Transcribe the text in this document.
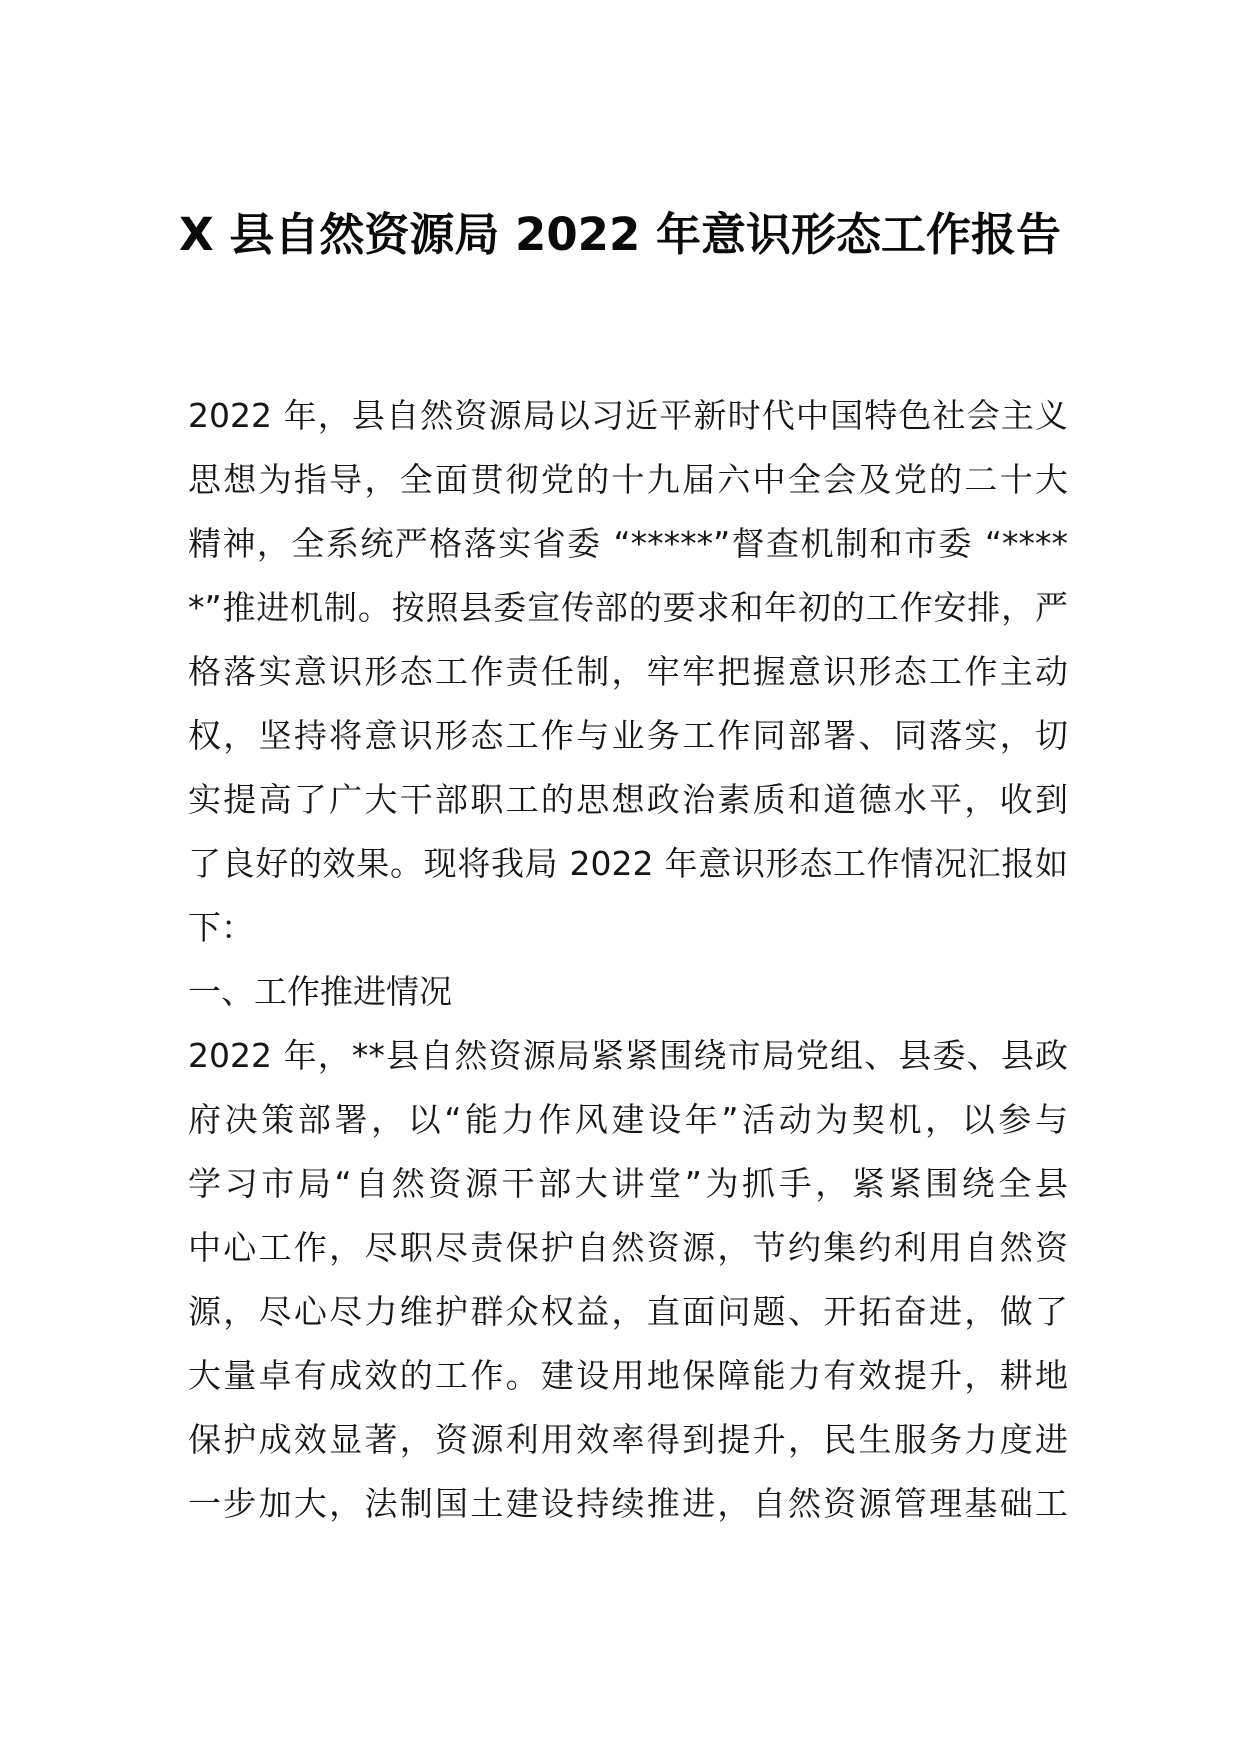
X 县自然资源局 2022 年意识形态工作报告
2022 年，县自然资源局以习近平新时代中国特色社会主义
思想为指导，全面贯彻党的十九届六中全会及党的二十大
精神，全系统严格落实省委 “*****”督查机制和市委 “****
*”推进机制。按照县委宣传部的要求和年初的工作安排，严
格落实意识形态工作责任制，牢牢把握意识形态工作主动
权，坚持将意识形态工作与业务工作同部署、同落实，切
实提高了广大干部职工的思想政治素质和道德水平，收到
了良好的效果。现将我局 2022 年意识形态工作情况汇报如
下：
一、工作推进情况
2022 年，**县自然资源局紧紧围绕市局党组、县委、县政
府决策部署，以“能力作风建设年”活动为契机，以参与
学习市局“自然资源干部大讲堂”为抓手，紧紧围绕全县
中心工作，尽职尽责保护自然资源，节约集约利用自然资
源，尽心尽力维护群众权益，直面问题、开拓奋进，做了
大量卓有成效的工作。建设用地保障能力有效提升，耕地
保护成效显著，资源利用效率得到提升，民生服务力度进
一步加大，法制国土建设持续推进，自然资源管理基础工
